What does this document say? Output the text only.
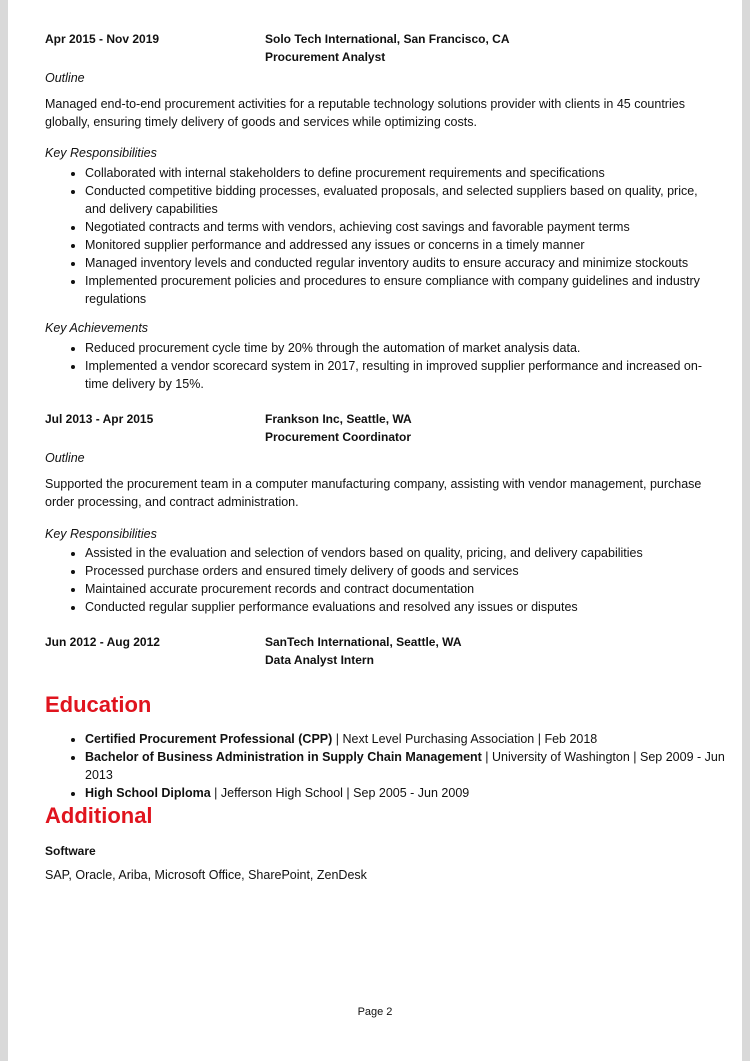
Apr 2015 - Nov 2019	Solo Tech International, San Francisco, CA
Procurement Analyst

Outline

Managed end-to-end procurement activities for a reputable technology solutions provider with clients in 45 countries globally, ensuring timely delivery of goods and services while optimizing costs.

Key Responsibilities

• Collaborated with internal stakeholders to define procurement requirements and specifications
• Conducted competitive bidding processes, evaluated proposals, and selected suppliers based on quality, price, and delivery capabilities
• Negotiated contracts and terms with vendors, achieving cost savings and favorable payment terms
• Monitored supplier performance and addressed any issues or concerns in a timely manner
• Managed inventory levels and conducted regular inventory audits to ensure accuracy and minimize stockouts
• Implemented procurement policies and procedures to ensure compliance with company guidelines and industry regulations

Key Achievements

• Reduced procurement cycle time by 20% through the automation of market analysis data.
• Implemented a vendor scorecard system in 2017, resulting in improved supplier performance and increased on-time delivery by 15%.
Jul 2013 - Apr 2015	Frankson Inc, Seattle, WA
Procurement Coordinator

Outline

Supported the procurement team in a computer manufacturing company, assisting with vendor management, purchase order processing, and contract administration.

Key Responsibilities

• Assisted in the evaluation and selection of vendors based on quality, pricing, and delivery capabilities
• Processed purchase orders and ensured timely delivery of goods and services
• Maintained accurate procurement records and contract documentation
• Conducted regular supplier performance evaluations and resolved any issues or disputes
Jun 2012 - Aug 2012	SanTech International, Seattle, WA
Data Analyst Intern
Education
• Certified Procurement Professional (CPP) | Next Level Purchasing Association | Feb 2018
• Bachelor of Business Administration in Supply Chain Management | University of Washington | Sep 2009 - Jun 2013
• High School Diploma | Jefferson High School | Sep 2005 - Jun 2009
Additional

Software

SAP, Oracle, Ariba, Microsoft Office, SharePoint, ZenDesk

Page 2
